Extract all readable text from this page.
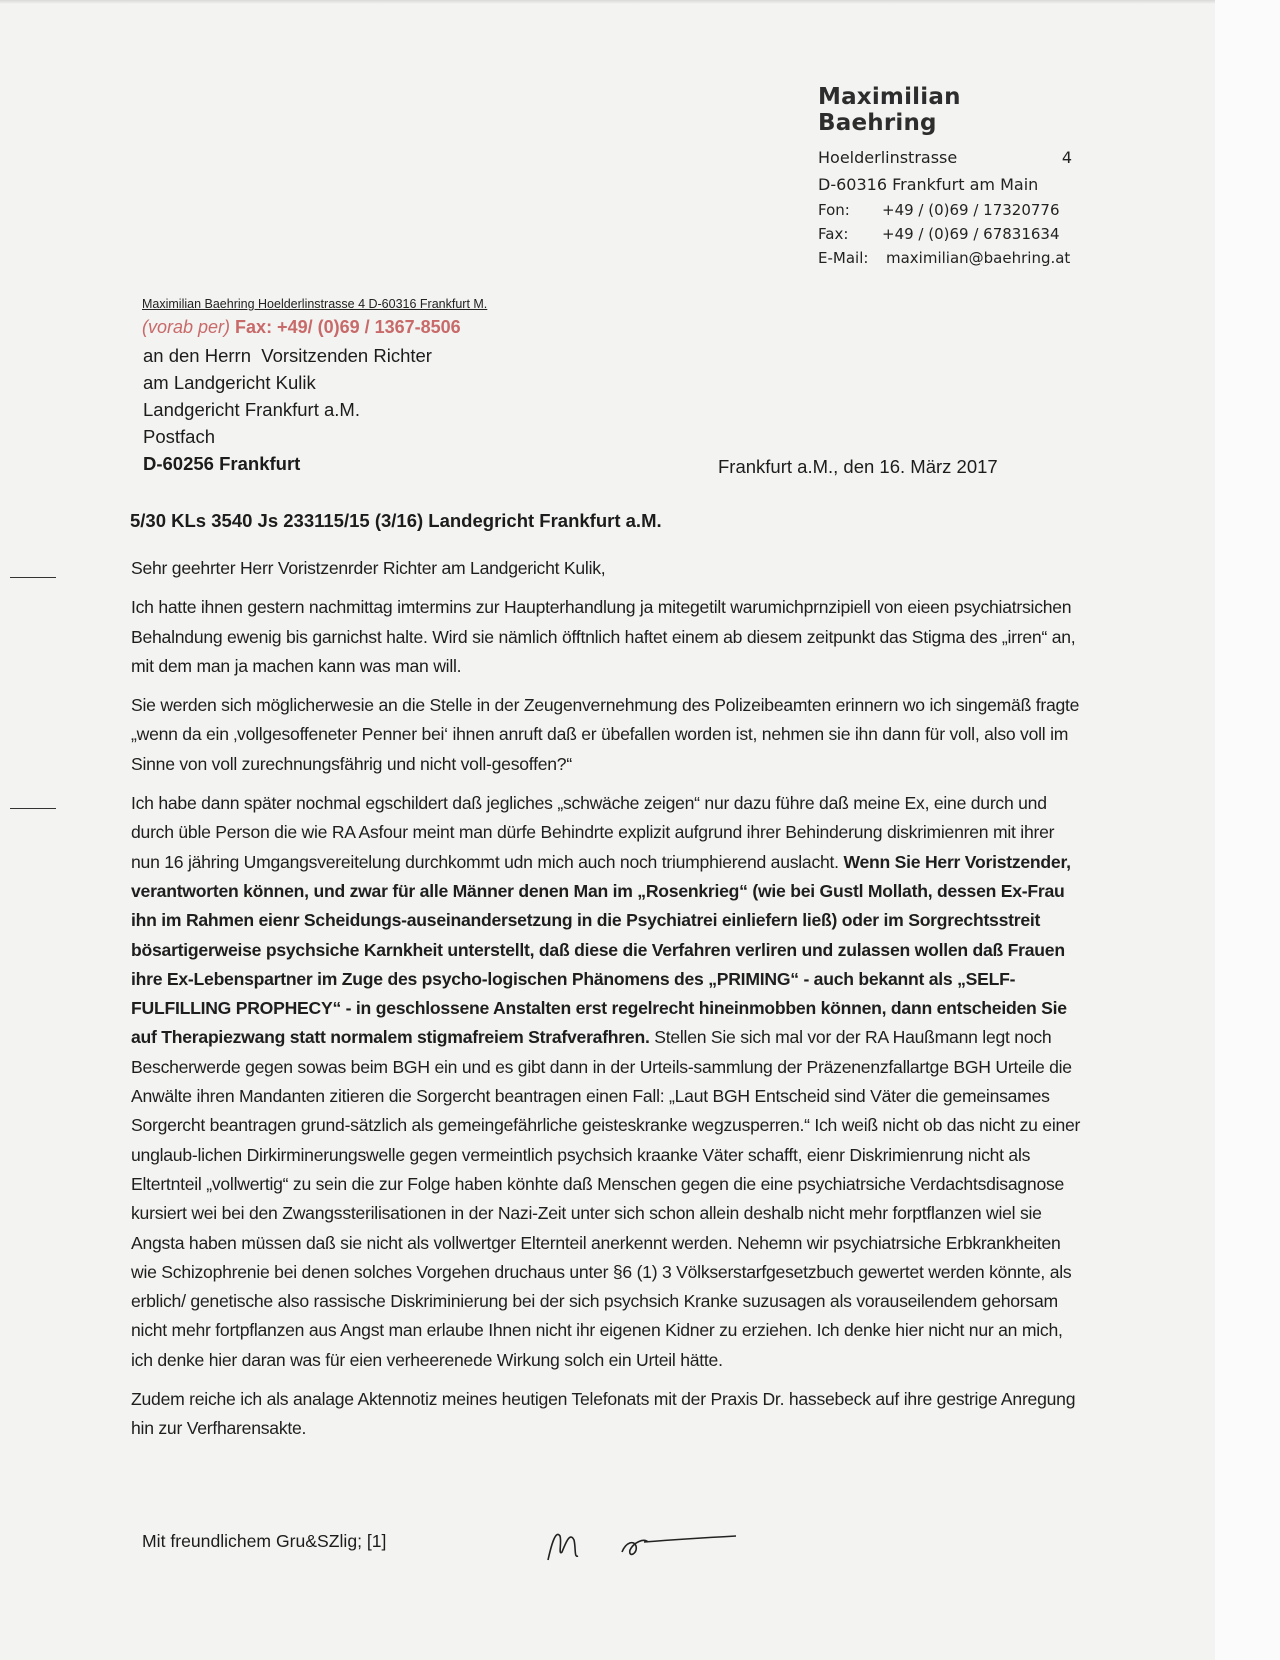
Maximilian Baehring
Hoelderlinstrasse	4
D-60316 Frankfurt am Main
Fon:	+49 / (0)69 / 17320776
Fax:	+49 / (0)69 / 67831634
E-Mail:	maximilian@baehring.at
Maximilian Baehring Hoelderlinstrasse 4 D-60316 Frankfurt M.
(vorab per) Fax: +49/ (0)69 / 1367-8506
an den Herrn  Vorsitzenden Richter
am Landgericht Kulik
Landgericht Frankfurt a.M.
Postfach
D-60256 Frankfurt	Frankfurt a.M., den 16. März 2017
5/30 KLs 3540 Js 233115/15 (3/16) Landegricht Frankfurt a.M.

Sehr geehrter Herr Voristzenrder Richter am Landgericht Kulik,

Ich hatte ihnen gestern nachmittag imtermins zur Haupterhandlung ja mitegetilt warumichprnzipiell von eieen psychiatrsichen Behalndung ewenig bis garnichst halte. Wird sie nämlich öfftnlich haftet einem ab diesem zeitpunkt das Stigma des „irren“ an, mit dem man ja machen kann was man will.

Sie werden sich möglicherwesie an die Stelle in der Zeugenvernehmung des Polizeibeamten erinnern wo ich singemäß fragte „wenn da ein ‚vollgesoffeneter Penner bei‘ ihnen anruft daß er übefallen worden ist, nehmen sie ihn dann für voll, also voll im Sinne von voll zurechnungsfährig und nicht voll-gesoffen?“

Ich habe dann später nochmal egschildert daß jegliches „schwäche zeigen“ nur dazu führe daß meine Ex, eine durch und durch üble Person die wie RA Asfour meint man dürfe Behindrte explizit aufgrund ihrer Behinderung diskrimienren mit ihrer nun 16 jähring Umgangsvereitelung durchkommt udn mich auch noch triumphierend auslacht. Wenn Sie Herr Voristzender, verantworten können, und zwar für alle Männer denen Man im „Rosenkrieg“ (wie bei Gustl Mollath, dessen Ex-Frau ihn im Rahmen eienr Scheidungs-auseinandersetzung in die Psychiatrei einliefern ließ) oder im Sorgrechtsstreit bösartigerweise psychsiche Karnkheit unterstellt, daß diese die Verfahren verliren und zulassen wollen daß Frauen ihre Ex-Lebenspartner im Zuge des psycho-logischen Phänomens des „PRIMING“ - auch bekannt als „SELF-FULFILLING PROPHECY“ - in geschlossene Anstalten erst regelrecht hineinmobben können, dann entscheiden Sie auf Therapiezwang statt normalem stigmafreiem Strafverafhren. Stellen Sie sich mal vor der RA Haußmann legt noch Bescherwerde gegen sowas beim BGH ein und es gibt dann in der Urteils-sammlung der Präzenenzfallartge BGH Urteile die Anwälte ihren Mandanten zitieren die Sorgercht beantragen einen Fall: „Laut BGH Entscheid sind Väter die gemeinsames Sorgercht beantragen grund-sätzlich als gemeingefährliche geisteskranke wegzusperren.“ Ich weiß nicht ob das nicht zu einer unglaub-lichen Dirkirminerungswelle gegen vermeintlich psychsich kraanke Väter schafft, eienr Diskrimienrung nicht als Eltertnteil „vollwertig“ zu sein die zur Folge haben könhte daß Menschen gegen die eine psychiatrsiche Verdachtsdisagnose kursiert wei bei den Zwangssterilisationen in der Nazi-Zeit unter sich schon allein deshalb nicht mehr forptflanzen wiel sie Angsta haben müssen daß sie nicht als vollwertger Elternteil anerkennt werden. Nehemn wir psychiatrsiche Erbkrankheiten wie Schizophrenie bei denen solches Vorgehen druchaus unter §6 (1) 3 Völkserstarfgesetzbuch gewertet werden könnte, als erblich/ genetische also rassische Diskriminierung bei der sich psychsich Kranke suzusagen als vorauseilendem gehorsam nicht mehr fortpflanzen aus Angst man erlaube Ihnen nicht ihr eigenen Kidner zu erziehen. Ich denke hier nicht nur an mich, ich denke hier daran was für eien verheerenede Wirkung solch ein Urteil hätte.

Zudem reiche ich als analage Aktennotiz meines heutigen Telefonats mit der Praxis Dr. hassebeck auf ihre gestrige Anregung hin zur Verfharensakte.

Mit freundlichem Gru&SZlig; [1]
